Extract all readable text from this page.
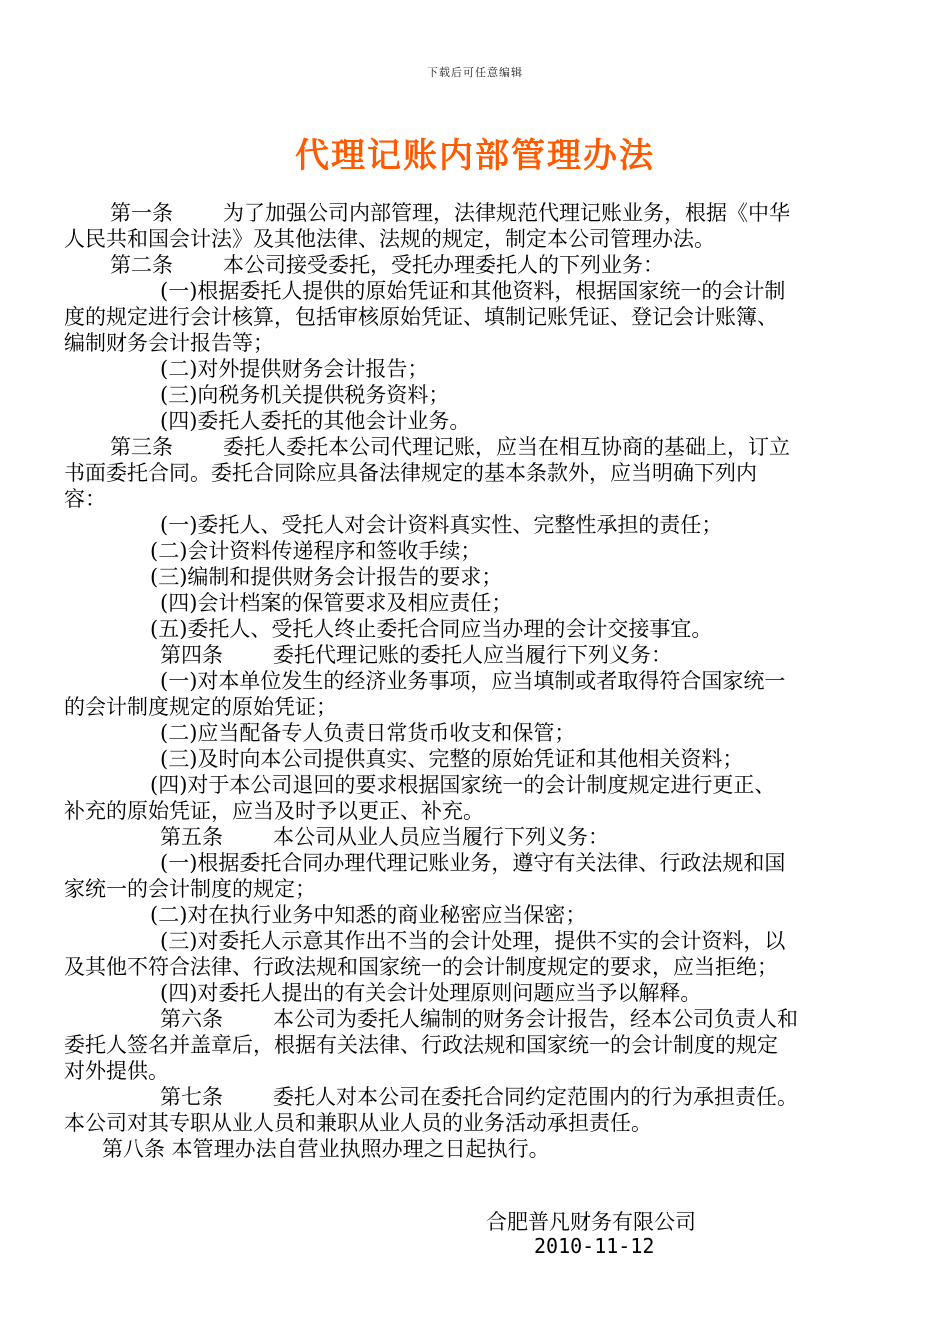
下载后可任意编辑
代理记账内部管理办法
第一条 为了加强公司内部管理，法律规范代理记账业务，根据《中华
人民共和国会计法》及其他法律、法规的规定，制定本公司管理办法。
第二条 本公司接受委托，受托办理委托人的下列业务：
(一)根据委托人提供的原始凭证和其他资料，根据国家统一的会计制
度的规定进行会计核算，包括审核原始凭证、填制记账凭证、登记会计账簿、
编制财务会计报告等；
(二)对外提供财务会计报告；
(三)向税务机关提供税务资料；
(四)委托人委托的其他会计业务。
第三条 委托人委托本公司代理记账，应当在相互协商的基础上，订立
书面委托合同。委托合同除应具备法律规定的基本条款外，应当明确下列内
容：
(一)委托人、受托人对会计资料真实性、完整性承担的责任；
(二)会计资料传递程序和签收手续；
(三)编制和提供财务会计报告的要求；
(四)会计档案的保管要求及相应责任；
(五)委托人、受托人终止委托合同应当办理的会计交接事宜。
第四条 委托代理记账的委托人应当履行下列义务：
(一)对本单位发生的经济业务事项，应当填制或者取得符合国家统一
的会计制度规定的原始凭证；
(二)应当配备专人负责日常货币收支和保管；
(三)及时向本公司提供真实、完整的原始凭证和其他相关资料；
(四)对于本公司退回的要求根据国家统一的会计制度规定进行更正、
补充的原始凭证，应当及时予以更正、补充。
第五条 本公司从业人员应当履行下列义务：
(一)根据委托合同办理代理记账业务，遵守有关法律、行政法规和国
家统一的会计制度的规定；
(二)对在执行业务中知悉的商业秘密应当保密；
(三)对委托人示意其作出不当的会计处理，提供不实的会计资料，以
及其他不符合法律、行政法规和国家统一的会计制度规定的要求，应当拒绝；
(四)对委托人提出的有关会计处理原则问题应当予以解释。
第六条 本公司为委托人编制的财务会计报告，经本公司负责人和
委托人签名并盖章后，根据有关法律、行政法规和国家统一的会计制度的规定
对外提供。
第七条 委托人对本公司在委托合同约定范围内的行为承担责任。
本公司对其专职从业人员和兼职从业人员的业务活动承担责任。
第八条 本管理办法自营业执照办理之日起执行。
合肥普凡财务有限公司
2010-11-12
